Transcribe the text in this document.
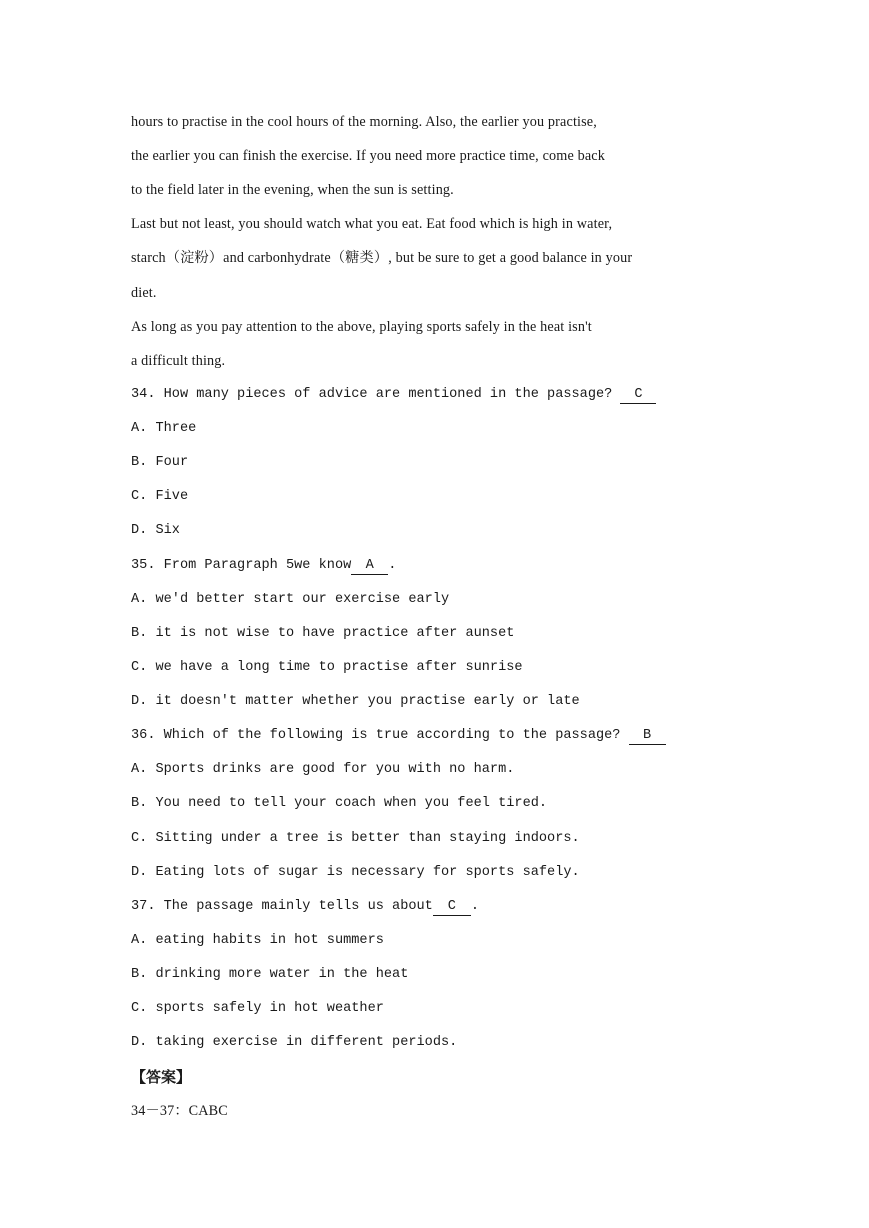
hours to practise in the cool hours of the morning. Also, the earlier you practise,
the earlier you can finish the exercise. If you need more practice time, come back
to the field later in the evening, when the sun is setting.
Last but not least, you should watch what you eat. Eat food which is high in water,
starch（淀粉）and carbonhydrate（糖类）, but be sure to get a good balance in your
diet.
As long as you pay attention to the above, playing sports safely in the heat isn't
a difficult thing.
34. How many pieces of advice are mentioned in the passage? C
A. Three
B. Four
C. Five
D. Six
35. From Paragraph 5we know A .
A. we'd better start our exercise early
B. it is not wise to have practice after aunset
C. we have a long time to practise after sunrise
D. it doesn't matter whether you practise early or late
36. Which of the following is true according to the passage? B
A. Sports drinks are good for you with no harm.
B. You need to tell your coach when you feel tired.
C. Sitting under a tree is better than staying indoors.
D. Eating lots of sugar is necessary for sports safely.
37. The passage mainly tells us about C .
A. eating habits in hot summers
B. drinking more water in the heat
C. sports safely in hot weather
D. taking exercise in different periods.
【答案】
34－37：CABC
